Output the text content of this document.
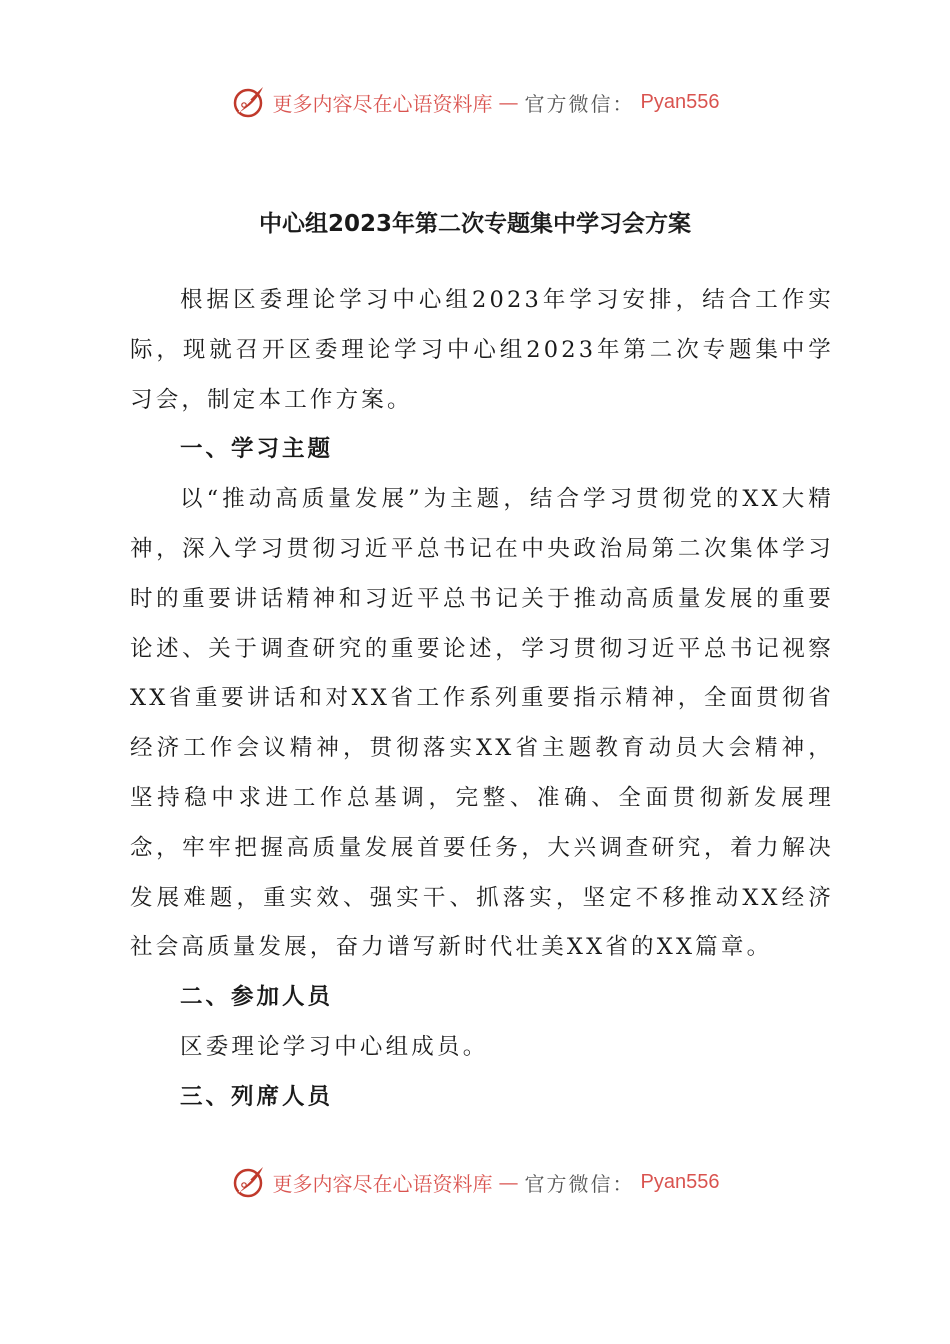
更多内容尽在心语资料库 — 官方微信： Pyan556
中心组2023年第二次专题集中学习会方案

根据区委理论学习中心组2023年学习安排，结合工作实际，现就召开区委理论学习中心组2023年第二次专题集中学习会，制定本工作方案。

一、学习主题

以“推动高质量发展”为主题，结合学习贯彻党的XX大精神，深入学习贯彻习近平总书记在中央政治局第二次集体学习时的重要讲话精神和习近平总书记关于推动高质量发展的重要论述、关于调查研究的重要论述，学习贯彻习近平总书记视察XX省重要讲话和对XX省工作系列重要指示精神，全面贯彻省经济工作会议精神，贯彻落实XX省主题教育动员大会精神，坚持稳中求进工作总基调，完整、准确、全面贯彻新发展理念，牢牢把握高质量发展首要任务，大兴调查研究，着力解决发展难题，重实效、强实干、抓落实，坚定不移推动XX经济社会高质量发展，奋力谱写新时代壮美XX省的XX篇章。

二、参加人员

区委理论学习中心组成员。

三、列席人员
更多内容尽在心语资料库 — 官方微信： Pyan556
